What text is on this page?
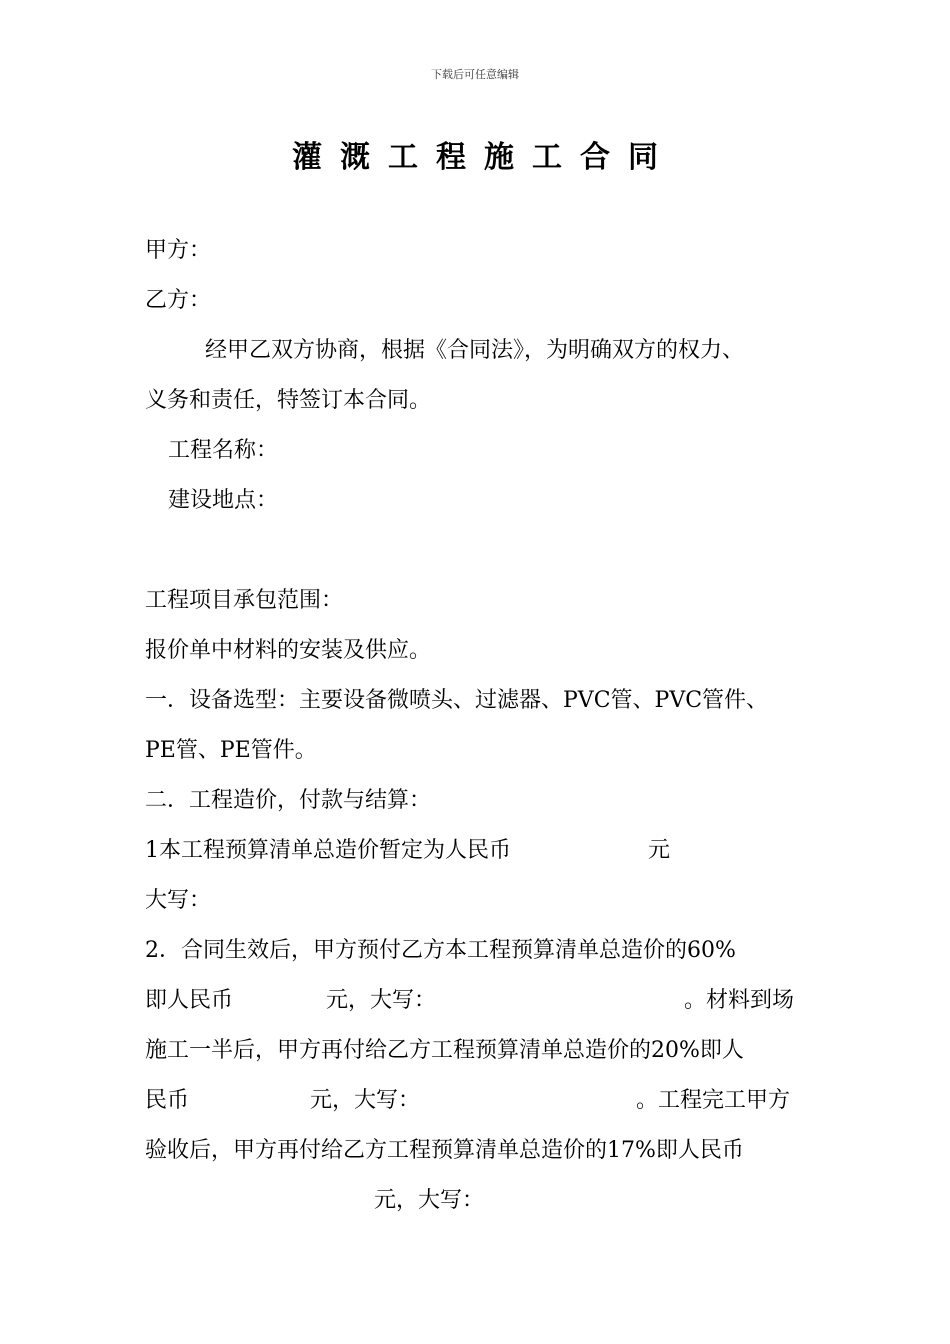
下载后可任意编辑
灌溉工程施工合同
甲方：
乙方：
经甲乙双方协商，根据《合同法》，为明确双方的权力、
义务和责任，特签订本合同。
工程名称：
建设地点：
工程项目承包范围：
报价单中材料的安装及供应。
一．设备选型：主要设备微喷头、过滤器、PVC管、PVC管件、
PE管、PE管件。
二．工程造价，付款与结算：
1本工程预算清单总造价暂定为人民币	元
大写：
2．合同生效后，甲方预付乙方本工程预算清单总造价的60%
即人民币	元，大写：	。材料到场
施工一半后，甲方再付给乙方工程预算清单总造价的20%即人
民币	元，大写：	。工程完工甲方
验收后，甲方再付给乙方工程预算清单总造价的17%即人民币
元，大写：
